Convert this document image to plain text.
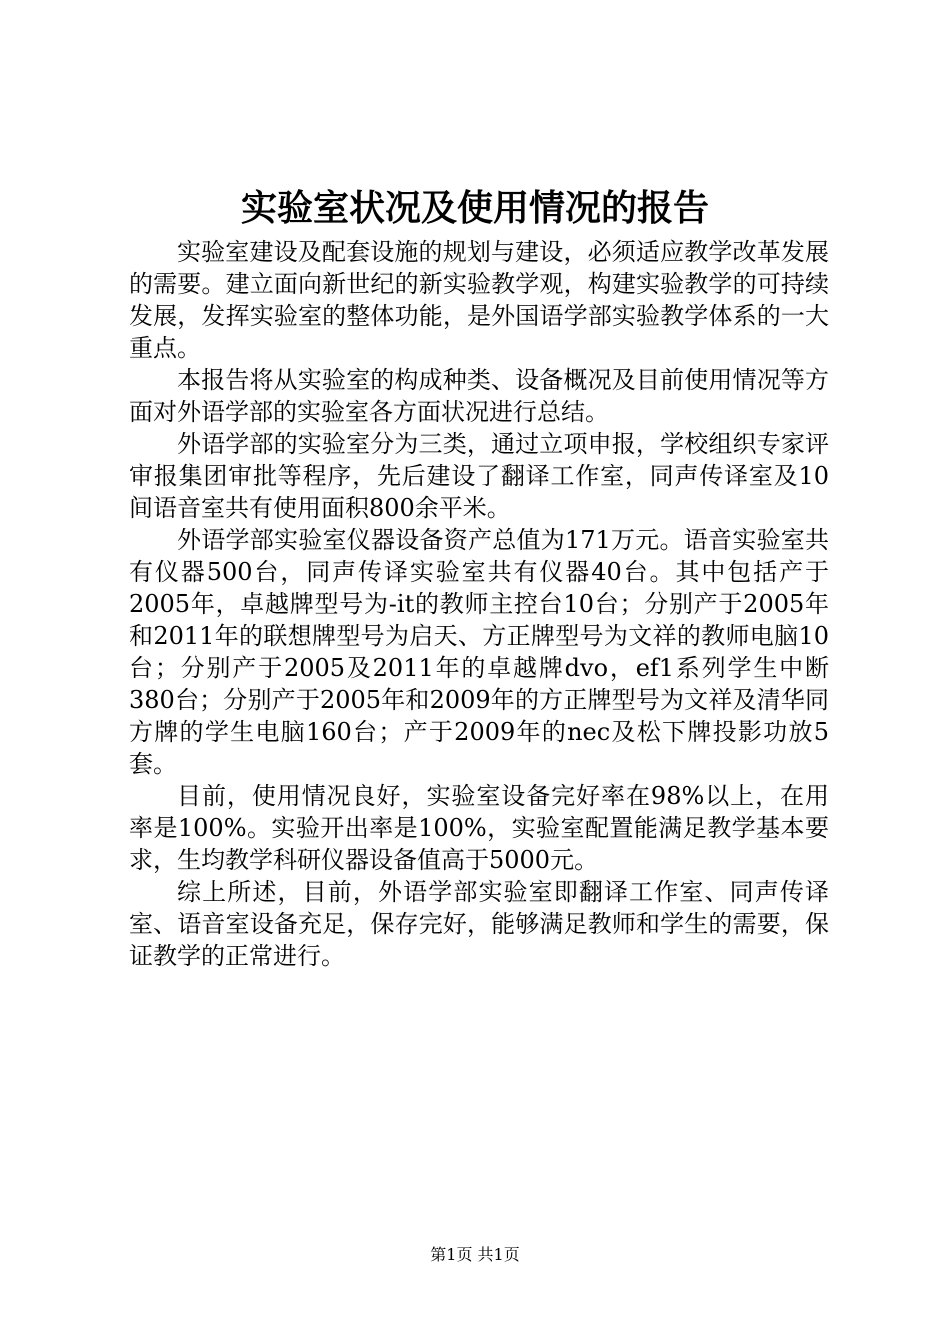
实验室状况及使用情况的报告

实验室建设及配套设施的规划与建设，必须适应教学改革发展的需要。建立面向新世纪的新实验教学观，构建实验教学的可持续发展，发挥实验室的整体功能，是外国语学部实验教学体系的一大重点。

本报告将从实验室的构成种类、设备概况及目前使用情况等方面对外语学部的实验室各方面状况进行总结。

外语学部的实验室分为三类，通过立项申报，学校组织专家评审报集团审批等程序，先后建设了翻译工作室，同声传译室及10间语音室共有使用面积800余平米。

外语学部实验室仪器设备资产总值为171万元。语音实验室共有仪器500台，同声传译实验室共有仪器40台。其中包括产于2005年，卓越牌型号为-it的教师主控台10台；分别产于2005年和2011年的联想牌型号为启天、方正牌型号为文祥的教师电脑10台；分别产于2005及2011年的卓越牌dvo，ef1系列学生中断380台；分别产于2005年和2009年的方正牌型号为文祥及清华同方牌的学生电脑160台；产于2009年的nec及松下牌投影功放5套。

目前，使用情况良好，实验室设备完好率在98%以上，在用率是100%。实验开出率是100%，实验室配置能满足教学基本要求，生均教学科研仪器设备值高于5000元。

综上所述，目前，外语学部实验室即翻译工作室、同声传译室、语音室设备充足，保存完好，能够满足教师和学生的需要，保证教学的正常进行。

第1页 共1页
